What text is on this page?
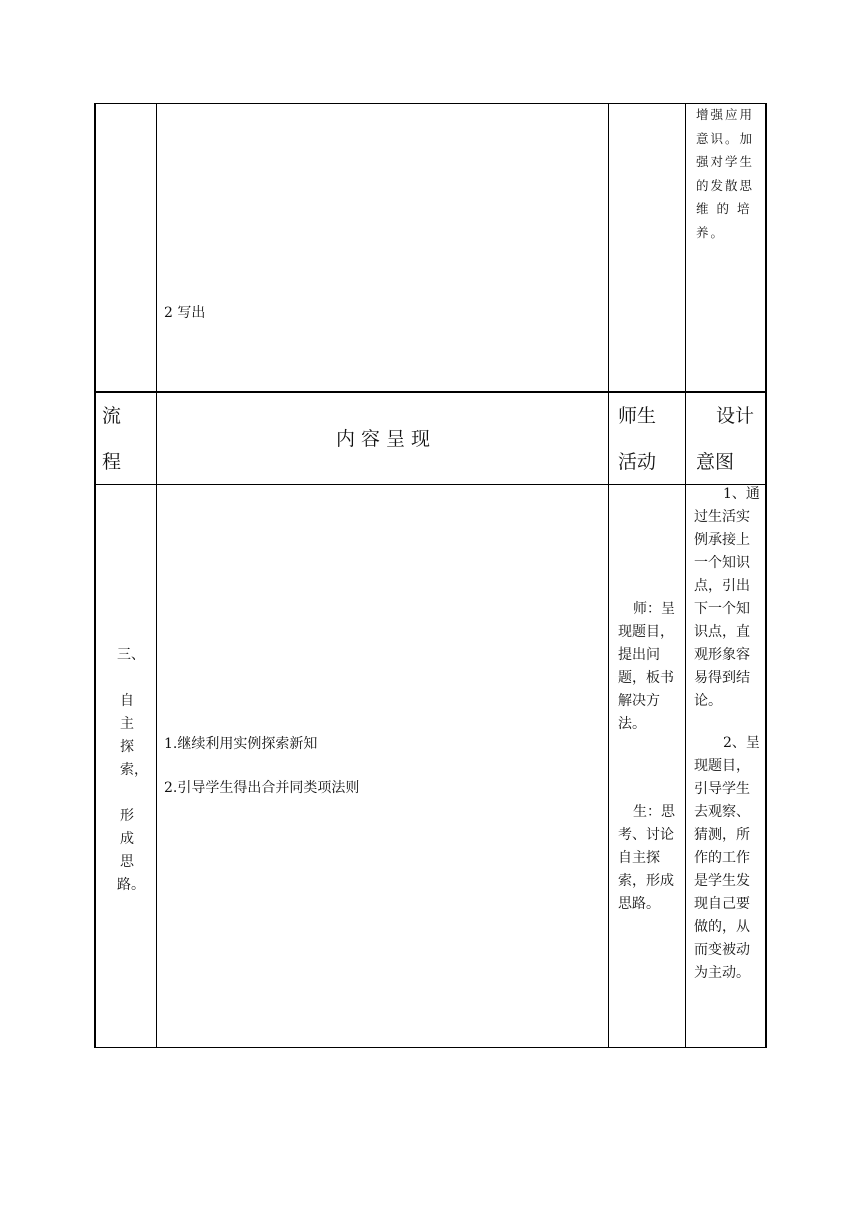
2 写出
增强应用
意识。加
强对学生
的发散思
维 的 培
养。
流
程
内 容 呈 现
师生
活动
设计
意图
三、
自
主
探
索，
形
成
思
路。
1.继续利用实例探索新知
2.引导学生得出合并同类项法则
师：呈
现题目，
提出问
题，板书
解决方
法。
生：思
考、讨论
自主探
索，形成
思路。
1、通
过生活实
例承接上
一个知识
点，引出
下一个知
识点，直
观形象容
易得到结
论。
2、呈
现题目，
引导学生
去观察、
猜测，所
作的工作
是学生发
现自己要
做的，从
而变被动
为主动。
